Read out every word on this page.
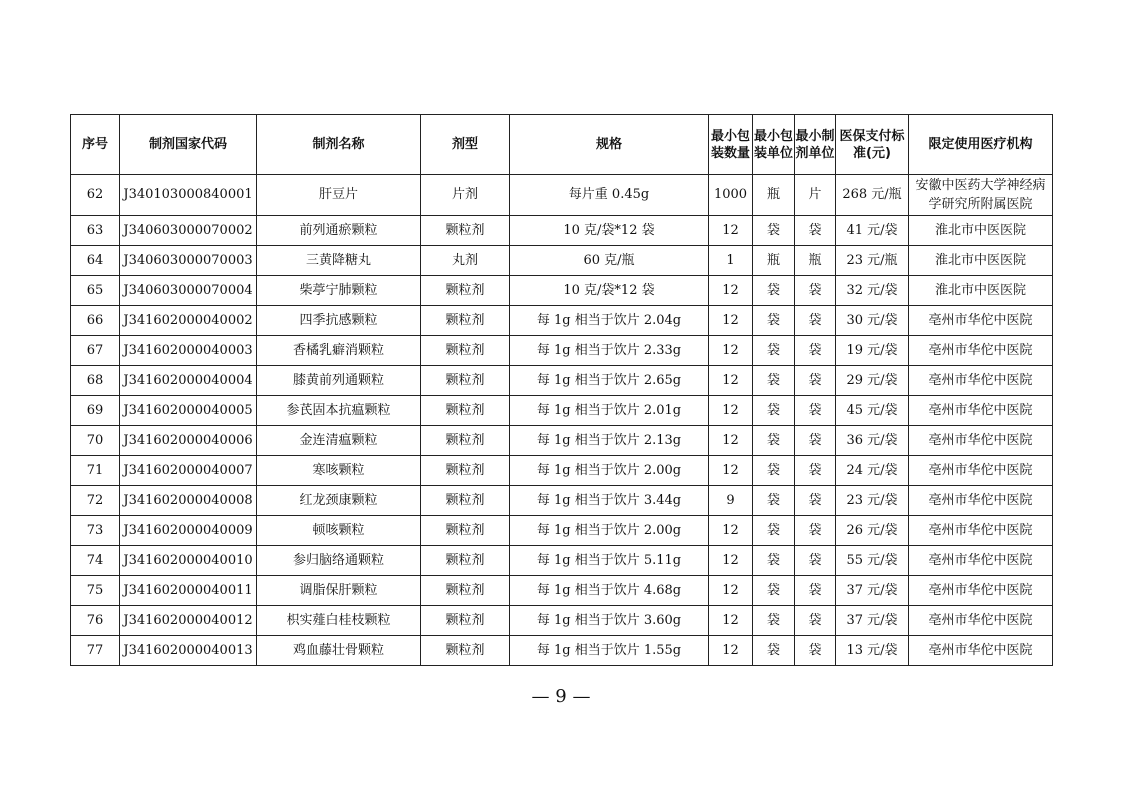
序号	制剂国家代码	制剂名称	剂型	规格	最小包装数量	最小包装单位	最小制剂单位	医保支付标准(元)	限定使用医疗机构
62	J340103000840001	肝豆片	片剂	每片重 0.45g	1000	瓶	片	268 元/瓶	安徽中医药大学神经病学研究所附属医院
63	J340603000070002	前列通瘀颗粒	颗粒剂	10 克/袋*12 袋	12	袋	袋	41 元/袋	淮北市中医医院
64	J340603000070003	三黄降糖丸	丸剂	60 克/瓶	1	瓶	瓶	23 元/瓶	淮北市中医医院
65	J340603000070004	柴葶宁肺颗粒	颗粒剂	10 克/袋*12 袋	12	袋	袋	32 元/袋	淮北市中医医院
66	J341602000040002	四季抗感颗粒	颗粒剂	每 1g 相当于饮片 2.04g	12	袋	袋	30 元/袋	亳州市华佗中医院
67	J341602000040003	香橘乳癖消颗粒	颗粒剂	每 1g 相当于饮片 2.33g	12	袋	袋	19 元/袋	亳州市华佗中医院
68	J341602000040004	膝黄前列通颗粒	颗粒剂	每 1g 相当于饮片 2.65g	12	袋	袋	29 元/袋	亳州市华佗中医院
69	J341602000040005	参芪固本抗瘟颗粒	颗粒剂	每 1g 相当于饮片 2.01g	12	袋	袋	45 元/袋	亳州市华佗中医院
70	J341602000040006	金连清瘟颗粒	颗粒剂	每 1g 相当于饮片 2.13g	12	袋	袋	36 元/袋	亳州市华佗中医院
71	J341602000040007	寒咳颗粒	颗粒剂	每 1g 相当于饮片 2.00g	12	袋	袋	24 元/袋	亳州市华佗中医院
72	J341602000040008	红龙颈康颗粒	颗粒剂	每 1g 相当于饮片 3.44g	9	袋	袋	23 元/袋	亳州市华佗中医院
73	J341602000040009	顿咳颗粒	颗粒剂	每 1g 相当于饮片 2.00g	12	袋	袋	26 元/袋	亳州市华佗中医院
74	J341602000040010	参归脑络通颗粒	颗粒剂	每 1g 相当于饮片 5.11g	12	袋	袋	55 元/袋	亳州市华佗中医院
75	J341602000040011	调脂保肝颗粒	颗粒剂	每 1g 相当于饮片 4.68g	12	袋	袋	37 元/袋	亳州市华佗中医院
76	J341602000040012	枳实薤白桂枝颗粒	颗粒剂	每 1g 相当于饮片 3.60g	12	袋	袋	37 元/袋	亳州市华佗中医院
77	J341602000040013	鸡血藤壮骨颗粒	颗粒剂	每 1g 相当于饮片 1.55g	12	袋	袋	13 元/袋	亳州市华佗中医院
— 9 —
